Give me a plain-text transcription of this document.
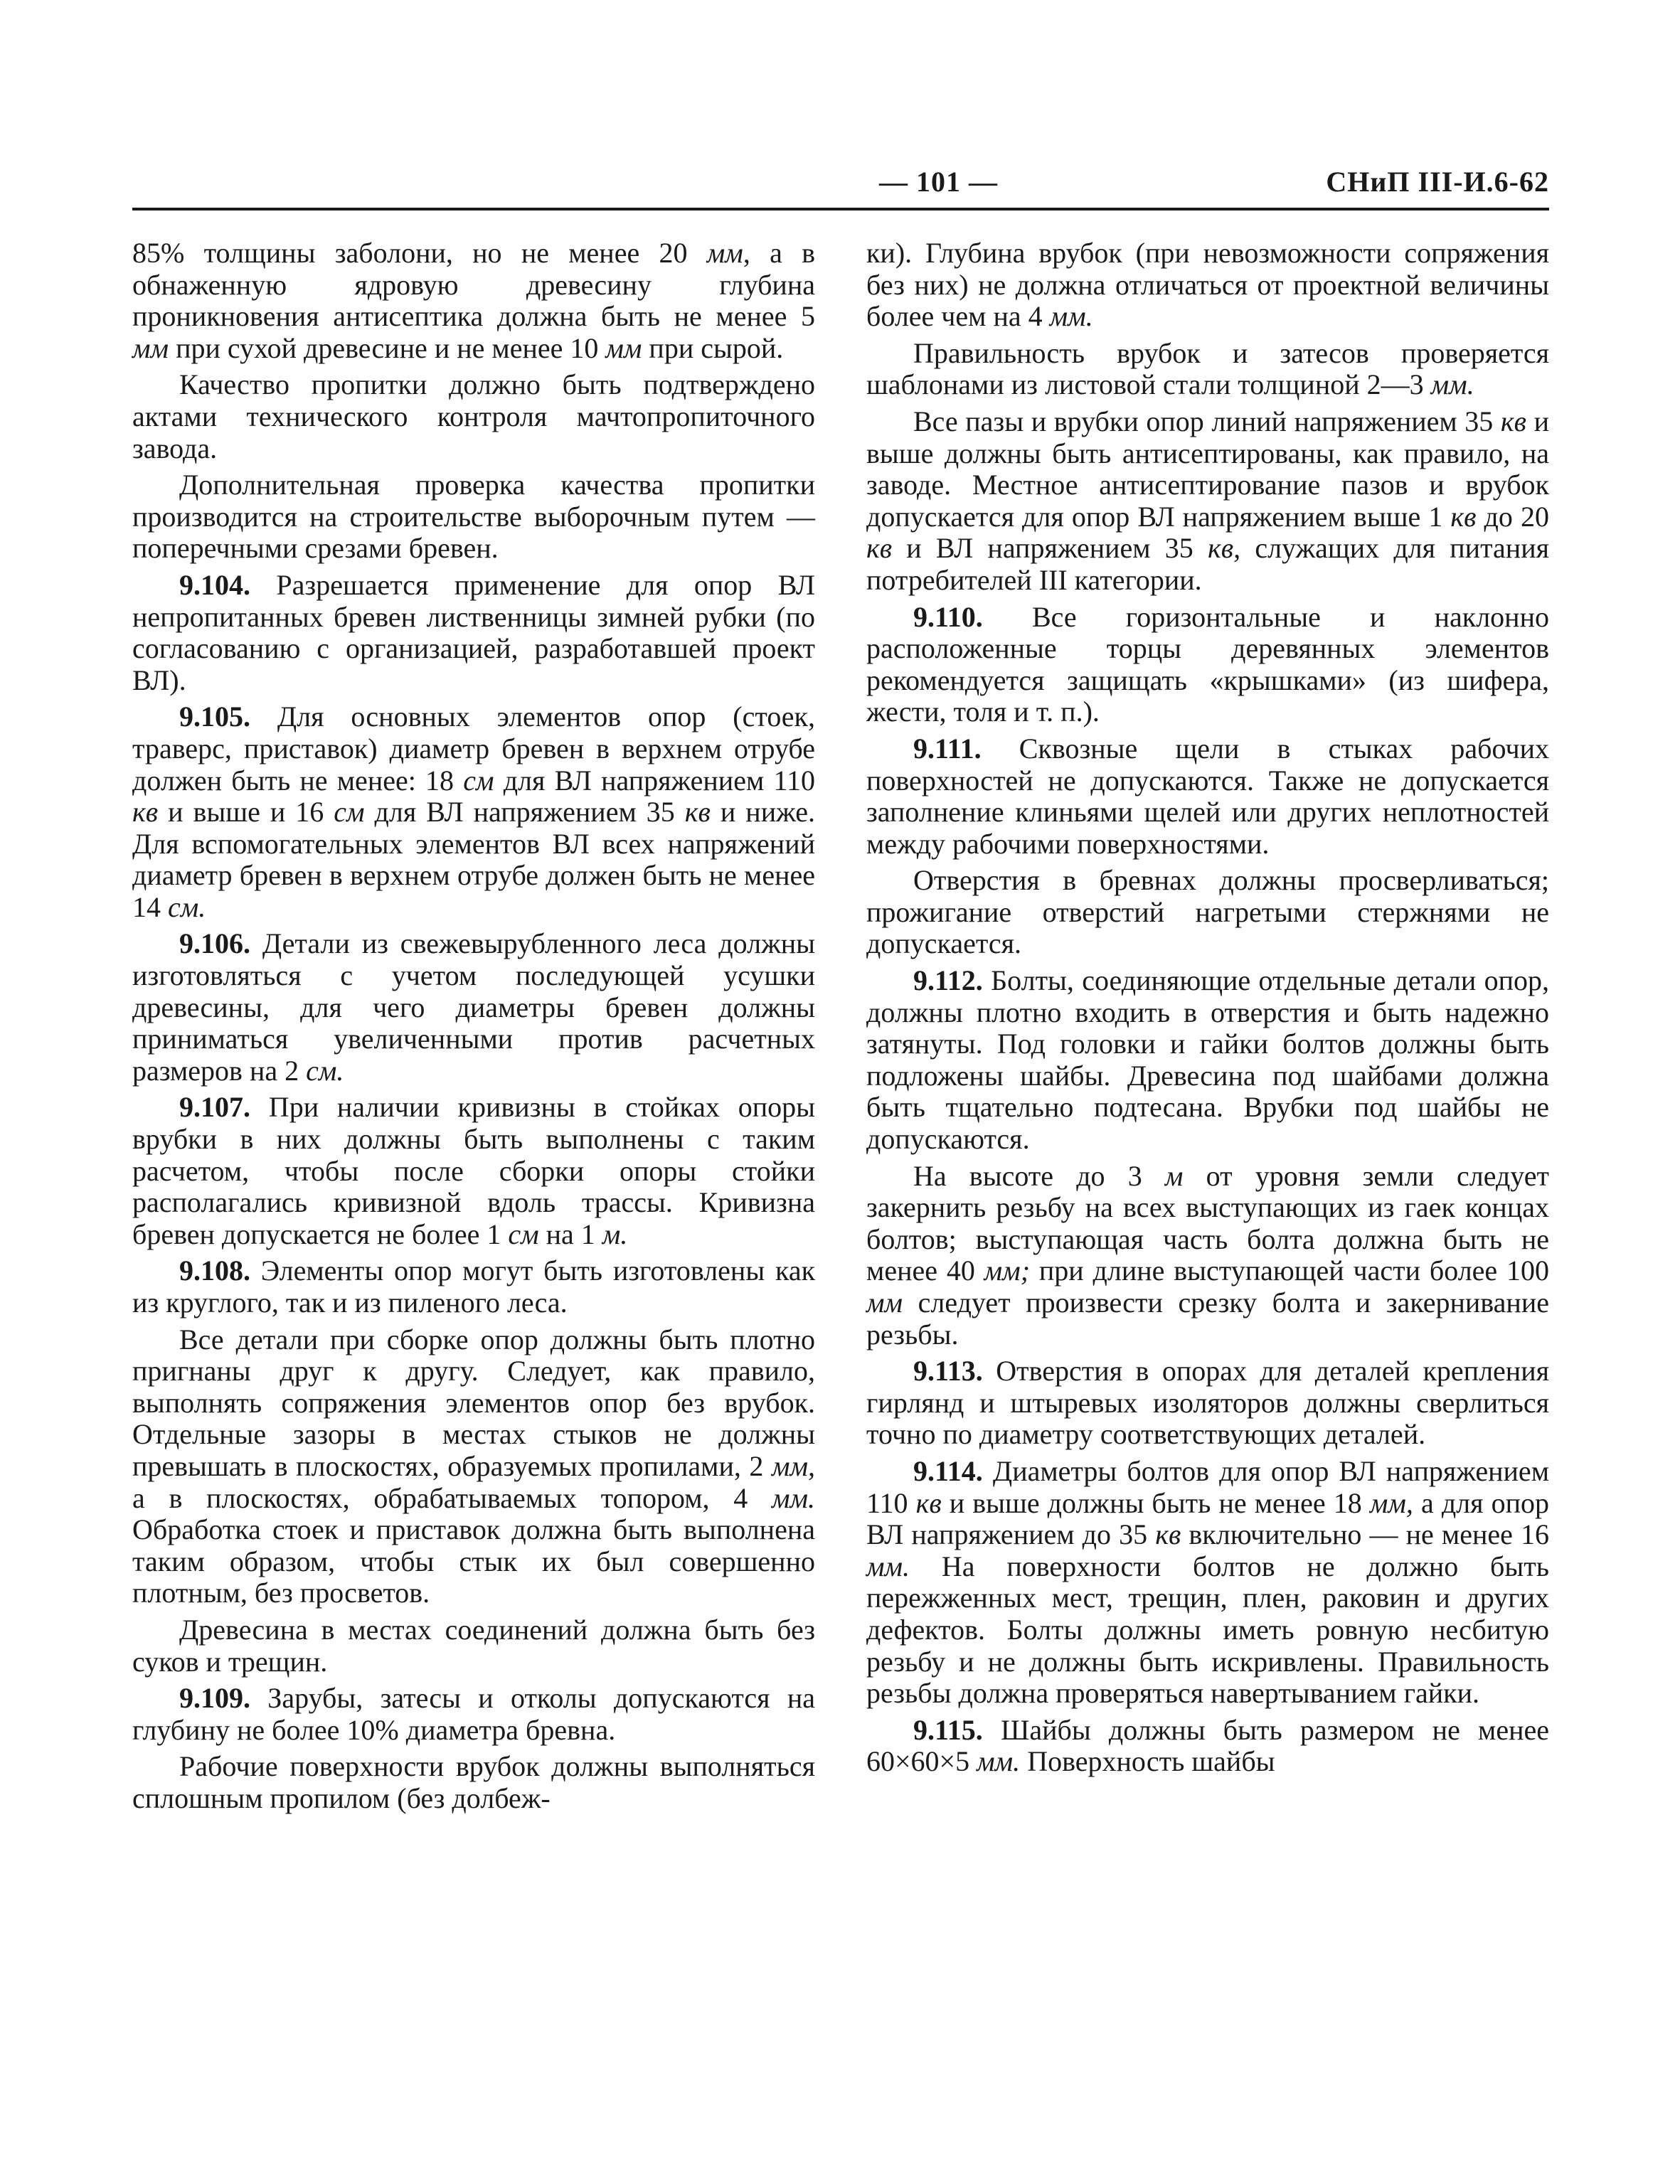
— 101 —	СНиП III-И.6-62

85% толщины заболони, но не менее 20 мм, а в обнаженную ядровую древесину глубина проникновения антисептика должна быть не менее 5 мм при сухой древесине и не менее 10 мм при сырой.

Качество пропитки должно быть подтверждено актами технического контроля мачтопропиточного завода.

Дополнительная проверка качества пропитки производится на строительстве выборочным путем — поперечными срезами бревен.

9.104. Разрешается применение для опор ВЛ непропитанных бревен лиственницы зимней рубки (по согласованию с организацией, разработавшей проект ВЛ).

9.105. Для основных элементов опор (стоек, траверс, приставок) диаметр бревен в верхнем отрубе должен быть не менее: 18 см для ВЛ напряжением 110 кв и выше и 16 см для ВЛ напряжением 35 кв и ниже. Для вспомогательных элементов ВЛ всех напряжений диаметр бревен в верхнем отрубе должен быть не менее 14 см.

9.106. Детали из свежевырубленного леса должны изготовляться с учетом последующей усушки древесины, для чего диаметры бревен должны приниматься увеличенными против расчетных размеров на 2 см.

9.107. При наличии кривизны в стойках опоры врубки в них должны быть выполнены с таким расчетом, чтобы после сборки опоры стойки располагались кривизной вдоль трассы. Кривизна бревен допускается не более 1 см на 1 м.

9.108. Элементы опор могут быть изготовлены как из круглого, так и из пиленого леса.

Все детали при сборке опор должны быть плотно пригнаны друг к другу. Следует, как правило, выполнять сопряжения элементов опор без врубок. Отдельные зазоры в местах стыков не должны превышать в плоскостях, образуемых пропилами, 2 мм, а в плоскостях, обрабатываемых топором, 4 мм. Обработка стоек и приставок должна быть выполнена таким образом, чтобы стык их был совершенно плотным, без просветов.

Древесина в местах соединений должна быть без суков и трещин.

9.109. Зарубы, затесы и отколы допускаются на глубину не более 10% диаметра бревна.

Рабочие поверхности врубок должны выполняться сплошным пропилом (без долбеж-

ки). Глубина врубок (при невозможности сопряжения без них) не должна отличаться от проектной величины более чем на 4 мм.

Правильность врубок и затесов проверяется шаблонами из листовой стали толщиной 2—3 мм.

Все пазы и врубки опор линий напряжением 35 кв и выше должны быть антисептированы, как правило, на заводе. Местное антисептирование пазов и врубок допускается для опор ВЛ напряжением выше 1 кв до 20 кв и ВЛ напряжением 35 кв, служащих для питания потребителей III категории.

9.110. Все горизонтальные и наклонно расположенные торцы деревянных элементов рекомендуется защищать «крышками» (из шифера, жести, толя и т. п.).

9.111. Сквозные щели в стыках рабочих поверхностей не допускаются. Также не допускается заполнение клиньями щелей или других неплотностей между рабочими поверхностями.

Отверстия в бревнах должны просверливаться; прожигание отверстий нагретыми стержнями не допускается.

9.112. Болты, соединяющие отдельные детали опор, должны плотно входить в отверстия и быть надежно затянуты. Под головки и гайки болтов должны быть подложены шайбы. Древесина под шайбами должна быть тщательно подтесана. Врубки под шайбы не допускаются.

На высоте до 3 м от уровня земли следует закернить резьбу на всех выступающих из гаек концах болтов; выступающая часть болта должна быть не менее 40 мм; при длине выступающей части более 100 мм следует произвести срезку болта и закернивание резьбы.

9.113. Отверстия в опорах для деталей крепления гирлянд и штыревых изоляторов должны сверлиться точно по диаметру соответствующих деталей.

9.114. Диаметры болтов для опор ВЛ напряжением 110 кв и выше должны быть не менее 18 мм, а для опор ВЛ напряжением до 35 кв включительно — не менее 16 мм. На поверхности болтов не должно быть пережженных мест, трещин, плен, раковин и других дефектов. Болты должны иметь ровную несбитую резьбу и не должны быть искривлены. Правильность резьбы должна проверяться навертыванием гайки.

9.115. Шайбы должны быть размером не менее 60×60×5 мм. Поверхность шайбы
